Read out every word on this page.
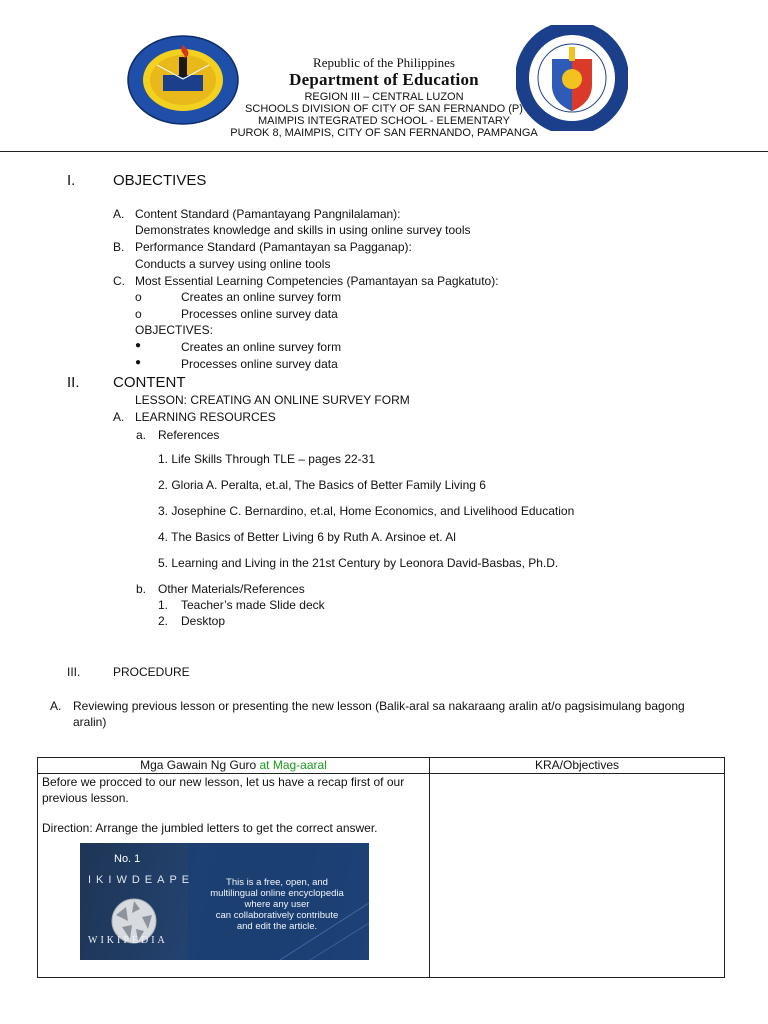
Republic of the Philippines
Department of Education
REGION III – CENTRAL LUZON
SCHOOLS DIVISION OF CITY OF SAN FERNANDO (P)
MAIMPIS INTEGRATED SCHOOL - ELEMENTARY
PUROK 8, MAIMPIS, CITY OF SAN FERNANDO, PAMPANGA
I.	OBJECTIVES
A. Content Standard (Pamantayang Pangnilalaman):
Demonstrates knowledge and skills in using online survey tools
B. Performance Standard (Pamantayan sa Pagganap):
Conducts a survey using online tools
C. Most Essential Learning Competencies (Pamantayan sa Pagkatuto):
o	Creates an online survey form
o	Processes online survey data
OBJECTIVES:
●	Creates an online survey form
●	Processes online survey data
II. CONTENT
LESSON: CREATING AN ONLINE SURVEY FORM
A. LEARNING RESOURCES
a. References
1. Life Skills Through TLE – pages 22-31
2. Gloria A. Peralta, et.al, The Basics of Better Family Living 6
3. Josephine C. Bernardino, et.al, Home Economics, and Livelihood Education
4. The Basics of Better Living 6 by Ruth A. Arsinoe et. Al
5. Learning and Living in the 21st Century by Leonora David-Basbas, Ph.D.
b. Other Materials/References
1. Teacher’s made Slide deck
2. Desktop
III.	PROCEDURE
A. Reviewing previous lesson or presenting the new lesson (Balik-aral sa nakaraang aralin at/o pagsisimulang bagong
aralin)
Mga Gawain Ng Guro at Mag-aaral	KRA/Objectives

Before we procced to our new lesson, let us have a recap first of our previous lesson.
Direction: Arrange the jumbled letters to get the correct answer.	

No. 1
IKIWDEAPE
WIKIPEDIA
This is a free, open, and
multilingual online encyclopedia
where any user
can collaboratively contribute
and edit the article.
